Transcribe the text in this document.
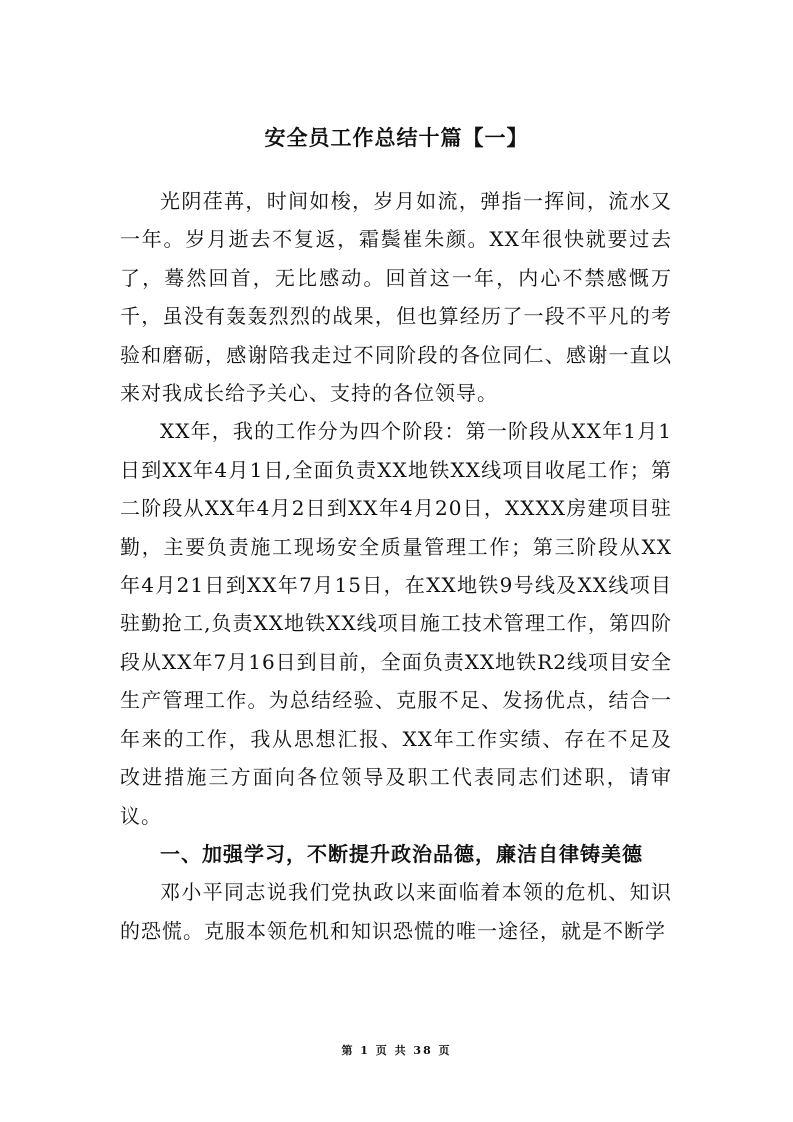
安全员工作总结十篇【一】

光阴荏苒，时间如梭，岁月如流，弹指一挥间，流水又一年。岁月逝去不复返，霜鬓崔朱颜。XX年很快就要过去了，蓦然回首，无比感动。回首这一年，内心不禁感慨万千，虽没有轰轰烈烈的战果，但也算经历了一段不平凡的考验和磨砺，感谢陪我走过不同阶段的各位同仁、感谢一直以来对我成长给予关心、支持的各位领导。

XX年，我的工作分为四个阶段：第一阶段从XX年1月1日到XX年4月1日,全面负责XX地铁XX线项目收尾工作；第二阶段从XX年4月2日到XX年4月20日，XXXX房建项目驻勤，主要负责施工现场安全质量管理工作；第三阶段从XX年4月21日到XX年7月15日，在XX地铁9号线及XX线项目驻勤抢工,负责XX地铁XX线项目施工技术管理工作，第四阶段从XX年7月16日到目前，全面负责XX地铁R2线项目安全生产管理工作。为总结经验、克服不足、发扬优点，结合一年来的工作，我从思想汇报、XX年工作实绩、存在不足及改进措施三方面向各位领导及职工代表同志们述职，请审议。

一、加强学习，不断提升政治品德，廉洁自律铸美德

邓小平同志说我们党执政以来面临着本领的危机、知识的恐慌。克服本领危机和知识恐慌的唯一途径，就是不断学

第 1 页 共 38 页
